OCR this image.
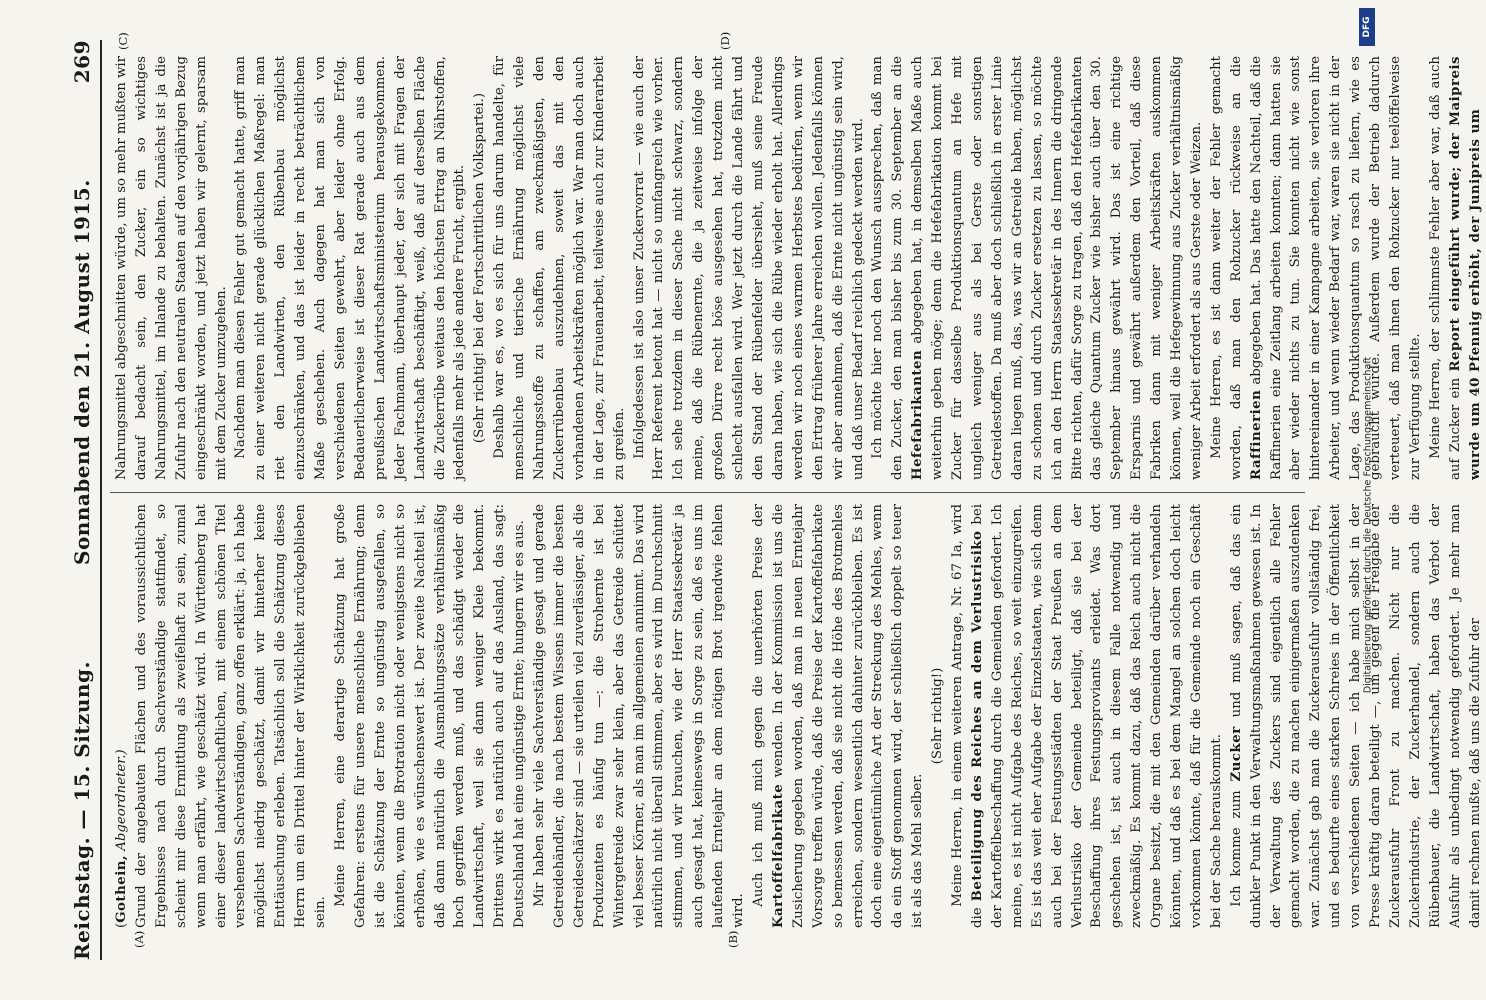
Reichstag. — 15. Sitzung.
Sonnabend den 21. August 1915.
269
(A)	(B)
(C)	(D)

(Gothein, Abgeordneter.) Grund der angebauten Flächen und des voraussichtlichen Ergebnisses nach durch Sachverständige stattfindet, so scheint mir diese Ermittlung als zweifelhaft zu sein, zumal wenn man erfährt, wie geschätzt wird. In Württemberg hat einer dieser landwirtschaftlichen, mit einem schönen Titel versehenen Sachverständigen, ganz offen erklärt: ja, ich habe möglichst niedrig geschätzt, damit wir hinterher keine Enttäuschung erleben. Tatsächlich soll die Schätzung dieses Herrn um ein Drittel hinter der Wirklichkeit zurückgeblieben sein.

Meine Herren, eine derartige Schätzung hat große Gefahren: erstens für unsere menschliche Ernährung; denn ist die Schätzung der Ernte so ungünstig ausgefallen, so könnten, wenn die Brotration nicht oder wenigstens nicht so erhöhen, wie es wünschenswert ist. Der zweite Nachteil ist, daß dann natürlich die Ausmahlungssätze verhältnismäßig hoch gegriffen werden muß, und das schädigt wieder die Landwirtschaft, weil sie dann weniger Kleie bekommt. Drittens wirkt es natürlich auch auf das Ausland, das sagt: Deutschland hat eine ungünstige Ernte; hungern wir es aus. Mir haben sehr viele Sachverständige gesagt und gerade Getreidehändler, die nach bestem Wissens immer die besten Getreideschätzer sind — sie urteilen viel zuverlässiger, als die Produzenten es häufig tun —: die Strohernte ist bei Wintergetreide zwar sehr klein, aber das Getreide schüttet viel besser Körner, als man im allgemeinen annimmt. Das wird natürlich nicht überall stimmen, aber es wird im Durchschnitt stimmen, und wir brauchen, wie der Herr Staatssekretär ja auch gesagt hat, keineswegs in Sorge zu sein, daß es uns im laufenden Erntejahr an dem nötigen Brot irgendwie fehlen wird.

Auch ich muß mich gegen die unerhörten Preise der Kartoffelfabrikate wenden. In der Kommission ist uns die Zusicherung gegeben worden, daß man in neuen Erntejahr Vorsorge treffen würde, daß die Preise der Kartoffelfabrikate so bemessen werden, daß sie nicht die Höhe des Brotmehles erreichen, sondern wesentlich dahinter zurückbleiben. Es ist doch eine eigentümliche Art der Streckung des Mehles, wenn da ein Stoff genommen wird, der schließlich doppelt so teuer ist als das Mehl selber.

(Sehr richtig!) Meine Herren, in einem weiteren Antrage, Nr. 67 Ia, wird die Beteiligung des Reiches an dem Verlustrisiko bei der Kartoffelbeschaffung durch die Gemeinden gefordert. Ich meine, es ist nicht Aufgabe des Reiches, so weit einzugreifen. Es ist das weit eher Aufgabe der Einzelstaaten, wie sich denn auch bei der Festungsstädten der Staat Preußen an dem Verlustrisiko der Gemeinde beteiligt, daß sie bei der Beschaffung ihres Festungsproviants erleidet. Was dort geschehen ist, ist auch in diesem Falle notwendig und zweckmäßig. Es kommt dazu, daß das Reich auch nicht die Organe besitzt, die mit den Gemeinden darüber verhandeln könnten, und daß es bei dem Mangel an solchen doch leicht vorkommen könnte, daß für die Gemeinde noch ein Geschäft bei der Sache herauskommt. Ich komme zum Zucker und muß sagen, daß das ein dunkler Punkt in den Verwaltungsmaßnahmen gewesen ist. In der Verwaltung des Zuckers sind eigentlich alle Fehler gemacht worden, die zu machen einigermaßen auszudenken war. Zunächst gab man die Zuckerausfuhr vollständig frei, und es bedurfte eines starken Schreies in der Öffentlichkeit von verschiedenen Seiten — ich habe mich selbst in der Presse kräftig daran beteiligt —, um gegen die Freigabe der Zuckerausfuhr Front zu machen. Nicht nur die Zuckerindustrie, der Zuckerhandel, sondern auch die Rübenbauer, die Landwirtschaft, haben das Verbot der Ausfuhr als unbedingt notwendig gefordert. Je mehr man damit rechnen mußte, daß uns die Zufuhr der

Nahrungsmittel abgeschnitten würde, um so mehr mußten wir darauf bedacht sein, den Zucker, ein so wichtiges Nahrungsmittel, im Inlande zu behalten. Zunächst ist ja die Zufuhr nach den neutralen Staaten auf den vorjährigen Bezug eingeschränkt worden, und jetzt haben wir gelernt, sparsam mit dem Zucker umzugehen. Nachdem man diesen Fehler gut gemacht hatte, griff man zu einer weiteren nicht gerade glücklichen Maßregel: man riet den Landwirten, den Rübenbau möglichst einzuschränken, und das ist leider in recht beträchtlichem Maße geschehen. Auch dagegen hat man sich von verschiedenen Seiten gewehrt, aber leider ohne Erfolg. Bedauerlicherweise ist dieser Rat gerade auch aus dem preußischen Landwirtschaftsministerium herausgekommen. Jeder Fachmann, überhaupt jeder, der sich mit Fragen der Landwirtschaft beschäftigt, weiß, daß auf derselben Fläche die Zuckerrübe weitaus den höchsten Ertrag an Nährstoffen, jedenfalls mehr als jede andere Frucht, ergibt. (Sehr richtig! bei der Fortschrittlichen Volkspartei.) Deshalb war es, wo es sich für uns darum handelte, für menschliche und tierische Ernährung möglichst viele Nahrungsstoffe zu schaffen, am zweckmäßigsten, den Zuckerrübenbau auszudehnen, soweit das mit den vorhandenen Arbeitskräften möglich war. War man doch auch in der Lage, zur Frauenarbeit, teilweise auch zur Kinderarbeit zu greifen. Infolgedessen ist also unser Zuckervorrat — wie auch der Herr Referent betont hat — nicht so umfangreich wie vorher. Ich sehe trotzdem in dieser Sache nicht schwarz, sondern meine, daß die Rübenernte, die ja zeitweise infolge der großen Dürre recht böse ausgesehen hat, trotzdem nicht schlecht ausfallen wird. Wer jetzt durch die Lande fährt und den Stand der Rübenfelder übersieht, muß seine Freude daran haben, wie sich die Rübe wieder erholt hat. Allerdings werden wir noch eines warmen Herbstes bedürfen, wenn wir den Ertrag früherer Jahre erreichen wollen. Jedenfalls können wir aber annehmen, daß die Ernte nicht ungünstig sein wird, und daß unser Bedarf reichlich gedeckt werden wird. Ich möchte hier noch den Wunsch aussprechen, daß man den Zucker, den man bisher bis zum 30. September an die Hefefabrikanten abgegeben hat, in demselben Maße auch weiterhin geben möge; denn die Hefefabrikation kommt bei Zucker für dasselbe Produktionsquantum an Hefe mit ungleich weniger aus als bei Gerste oder sonstigen Getreidestoffen. Da muß aber doch schließlich in erster Linie daran liegen muß, das, was wir an Getreide haben, möglichst zu schonen und durch Zucker ersetzen zu lassen, so möchte ich an den Herrn Staatssekretär in des Innern die dringende Bitte richten, dafür Sorge zu tragen, daß den Hefefabrikanten das gleiche Quantum Zucker wie bisher auch über den 30. September hinaus gewährt wird. Das ist eine richtige Ersparnis und gewährt außerdem den Vorteil, daß diese Fabriken dann mit weniger Arbeitskräften auskommen können, weil die Hefegewinnung aus Zucker verhältnismäßig weniger Arbeit erfordert als aus Gerste oder Weizen. Meine Herren, es ist dann weiter der Fehler gemacht worden, daß man den Rohzucker rückweise an die Raffinerien abgegeben hat. Das hatte den Nachteil, daß die Raffinerien eine Zeitlang arbeiten konnten; dann hatten sie aber wieder nichts zu tun. Sie konnten nicht wie sonst hintereinander in einer Kampagne arbeiten, sie verloren ihre Arbeiter, und wenn wieder Bedarf war, waren sie nicht in der Lage, das Produktionsquantum so rasch zu liefern, wie es gebraucht wurde. Außerdem wurde der Betrieb dadurch verteuert, daß man ihnen den Rohzucker nur teelöffelweise zur Verfügung stellte. Meine Herren, der schlimmste Fehler aber war, daß auch auf Zucker ein Report eingeführt wurde; der Maipreis wurde um 40 Pfennig erhöht, der Junipreis um

DFG
Digitalisierung gefördert durch die Deutsche Forschungsgemeinschaft
